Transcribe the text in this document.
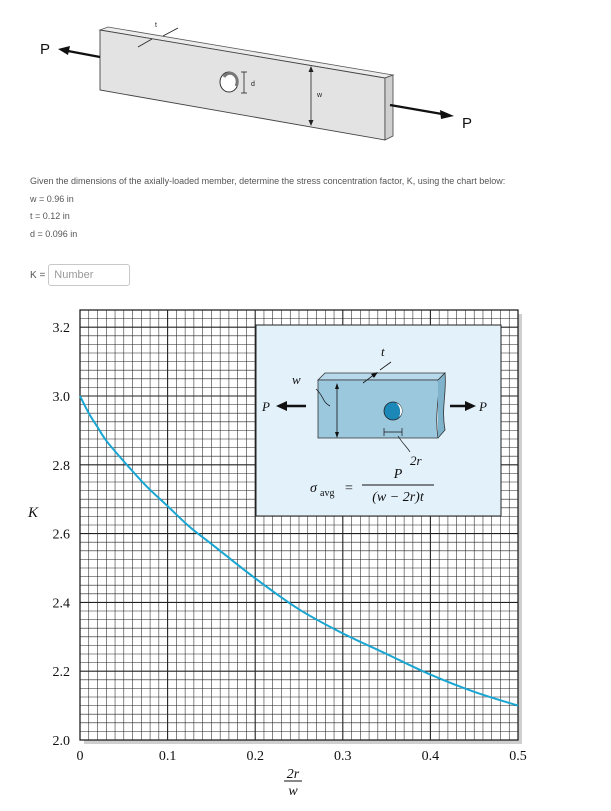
d
w
t
P
P
Given the dimensions of the axially-loaded member, determine the stress concentration factor, K, using the chart below:
w = 0.96 in
t = 0.12 in
d = 0.096 in
K =
Number
0	0.1	0.2	0.3	0.4	0.5
2.0
2.2
2.4
2.6
2.8
3.0
3.2
K
2r
w
w
t
2r
P	P
σ avg =
P
(w − 2r)t
